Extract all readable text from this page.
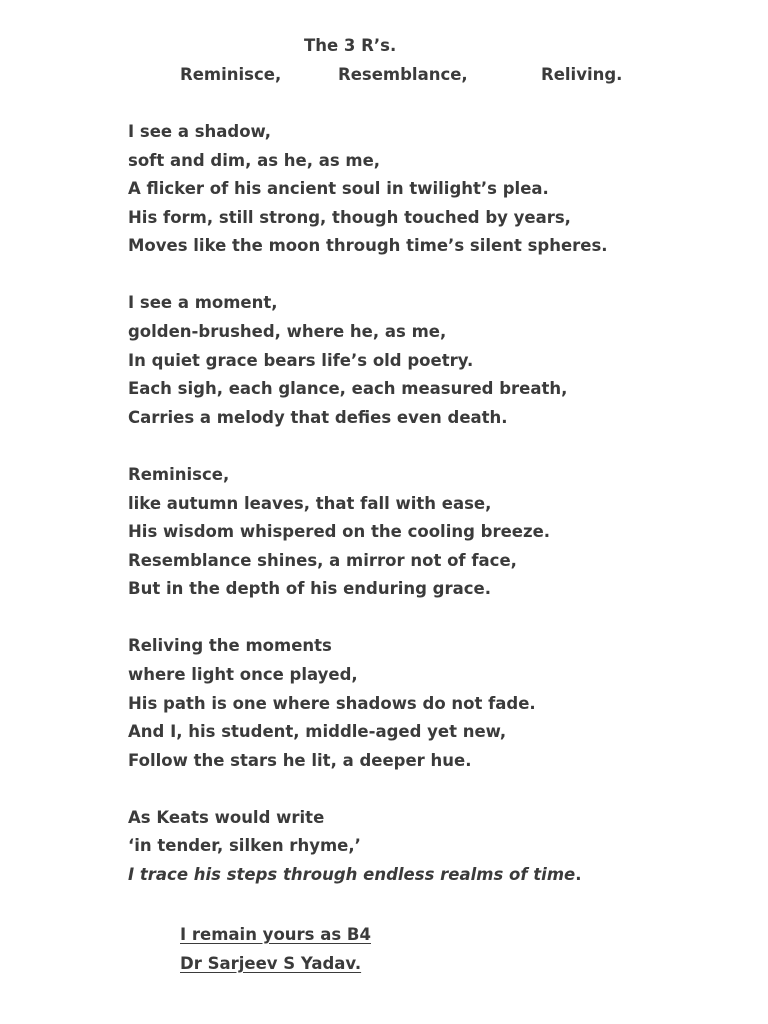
The 3 R’s.
Reminisce,	Resemblance,	Reliving.
I see a shadow,
soft and dim, as he, as me,
A flicker of his ancient soul in twilight’s plea.
His form, still strong, though touched by years,
Moves like the moon through time’s silent spheres.
I see a moment,
golden-brushed, where he, as me,
In quiet grace bears life’s old poetry.
Each sigh, each glance, each measured breath,
Carries a melody that defies even death.
Reminisce,
like autumn leaves, that fall with ease,
His wisdom whispered on the cooling breeze.
Resemblance shines, a mirror not of face,
But in the depth of his enduring grace.
Reliving the moments
where light once played,
His path is one where shadows do not fade.
And I, his student, middle-aged yet new,
Follow the stars he lit, a deeper hue.
As Keats would write
‘in tender, silken rhyme,’
I trace his steps through endless realms of time.
I remain yours as B4
Dr Sarjeev S Yadav.
